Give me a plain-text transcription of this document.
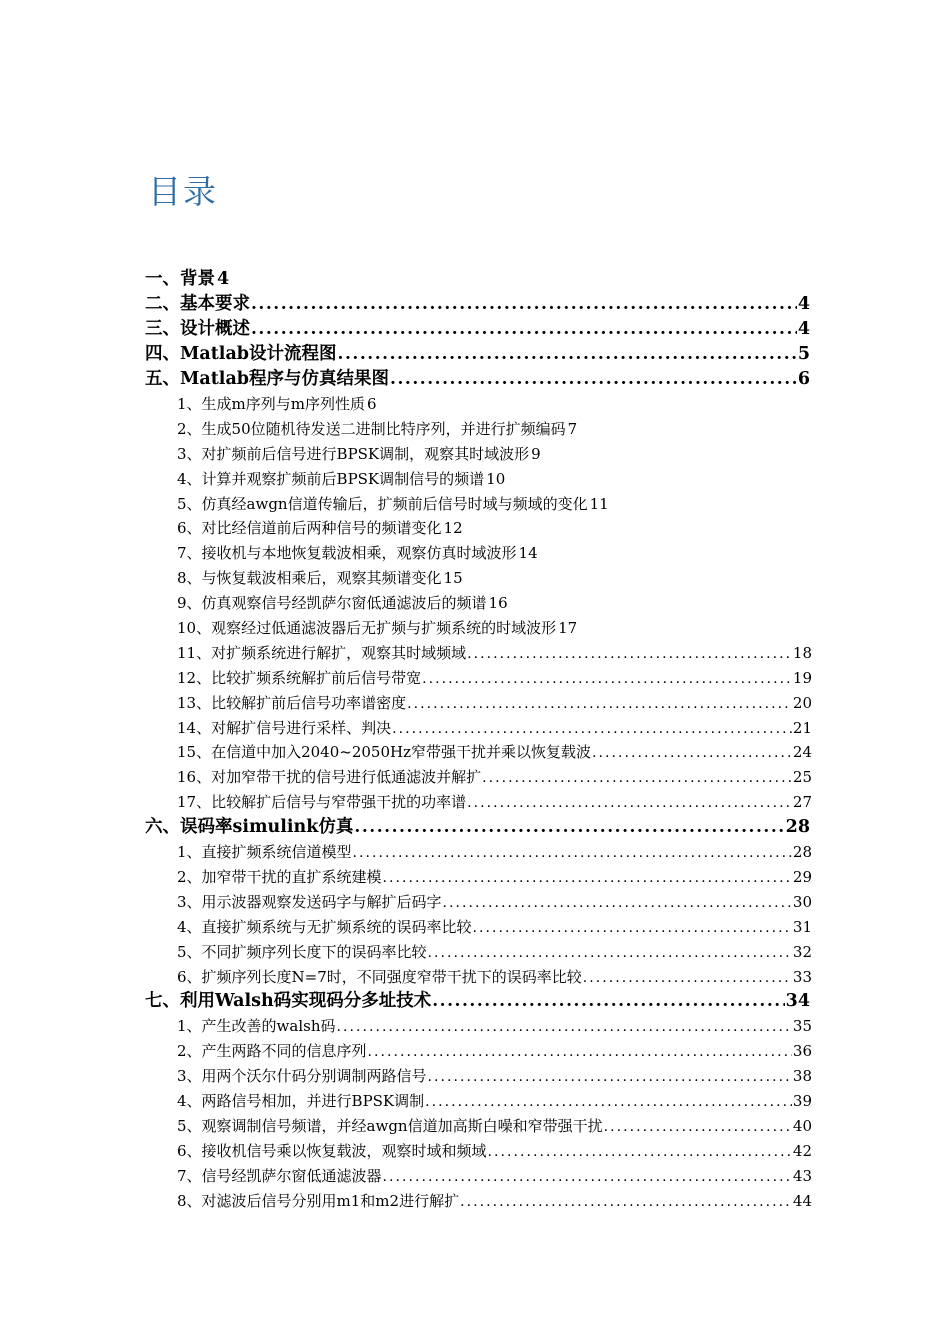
目录
一、背景 4
二、基本要求 . . .	4
三、设计概述 . . .	4
四、Matlab设计流程图 . . .	5
五、Matlab程序与仿真结果图 . . .	6
1、生成m序列与m序列性质 6
2、生成50位随机待发送二进制比特序列，并进行扩频编码 7
3、对扩频前后信号进行BPSK调制，观察其时域波形 9
4、计算并观察扩频前后BPSK调制信号的频谱 10
5、仿真经awgn信道传输后，扩频前后信号时域与频域的变化 11
6、对比经信道前后两种信号的频谱变化 12
7、接收机与本地恢复载波相乘，观察仿真时域波形 14
8、与恢复载波相乘后，观察其频谱变化 15
9、仿真观察信号经凯萨尔窗低通滤波后的频谱 16
10、观察经过低通滤波器后无扩频与扩频系统的时域波形 17
11、对扩频系统进行解扩，观察其时域频域 . . .	18
12、比较扩频系统解扩前后信号带宽 . . .	19
13、比较解扩前后信号功率谱密度 . . .	20
14、对解扩信号进行采样、判决 . . .	21
15、在信道中加入2040~2050Hz窄带强干扰并乘以恢复载波 . . .	24
16、对加窄带干扰的信号进行低通滤波并解扩 . . .	25
17、比较解扩后信号与窄带强干扰的功率谱 . . .	27
六、误码率simulink仿真 . . .	28
1、直接扩频系统信道模型 . . .	28
2、加窄带干扰的直扩系统建模 . . .	29
3、用示波器观察发送码字与解扩后码字 . . .	30
4、直接扩频系统与无扩频系统的误码率比较 . . .	31
5、不同扩频序列长度下的误码率比较 . . .	32
6、扩频序列长度N=7时，不同强度窄带干扰下的误码率比较 . . .	33
七、利用Walsh码实现码分多址技术 . . .	34
1、产生改善的walsh码 . . .	35
2、产生两路不同的信息序列 . . .	36
3、用两个沃尔什码分别调制两路信号 . . .	38
4、两路信号相加，并进行BPSK调制 . . .	39
5、观察调制信号频谱，并经awgn信道加高斯白噪和窄带强干扰 . . .	40
6、接收机信号乘以恢复载波，观察时域和频域 . . .	42
7、信号经凯萨尔窗低通滤波器 . . .	43
8、对滤波后信号分别用m1和m2进行解扩 . . .	44
